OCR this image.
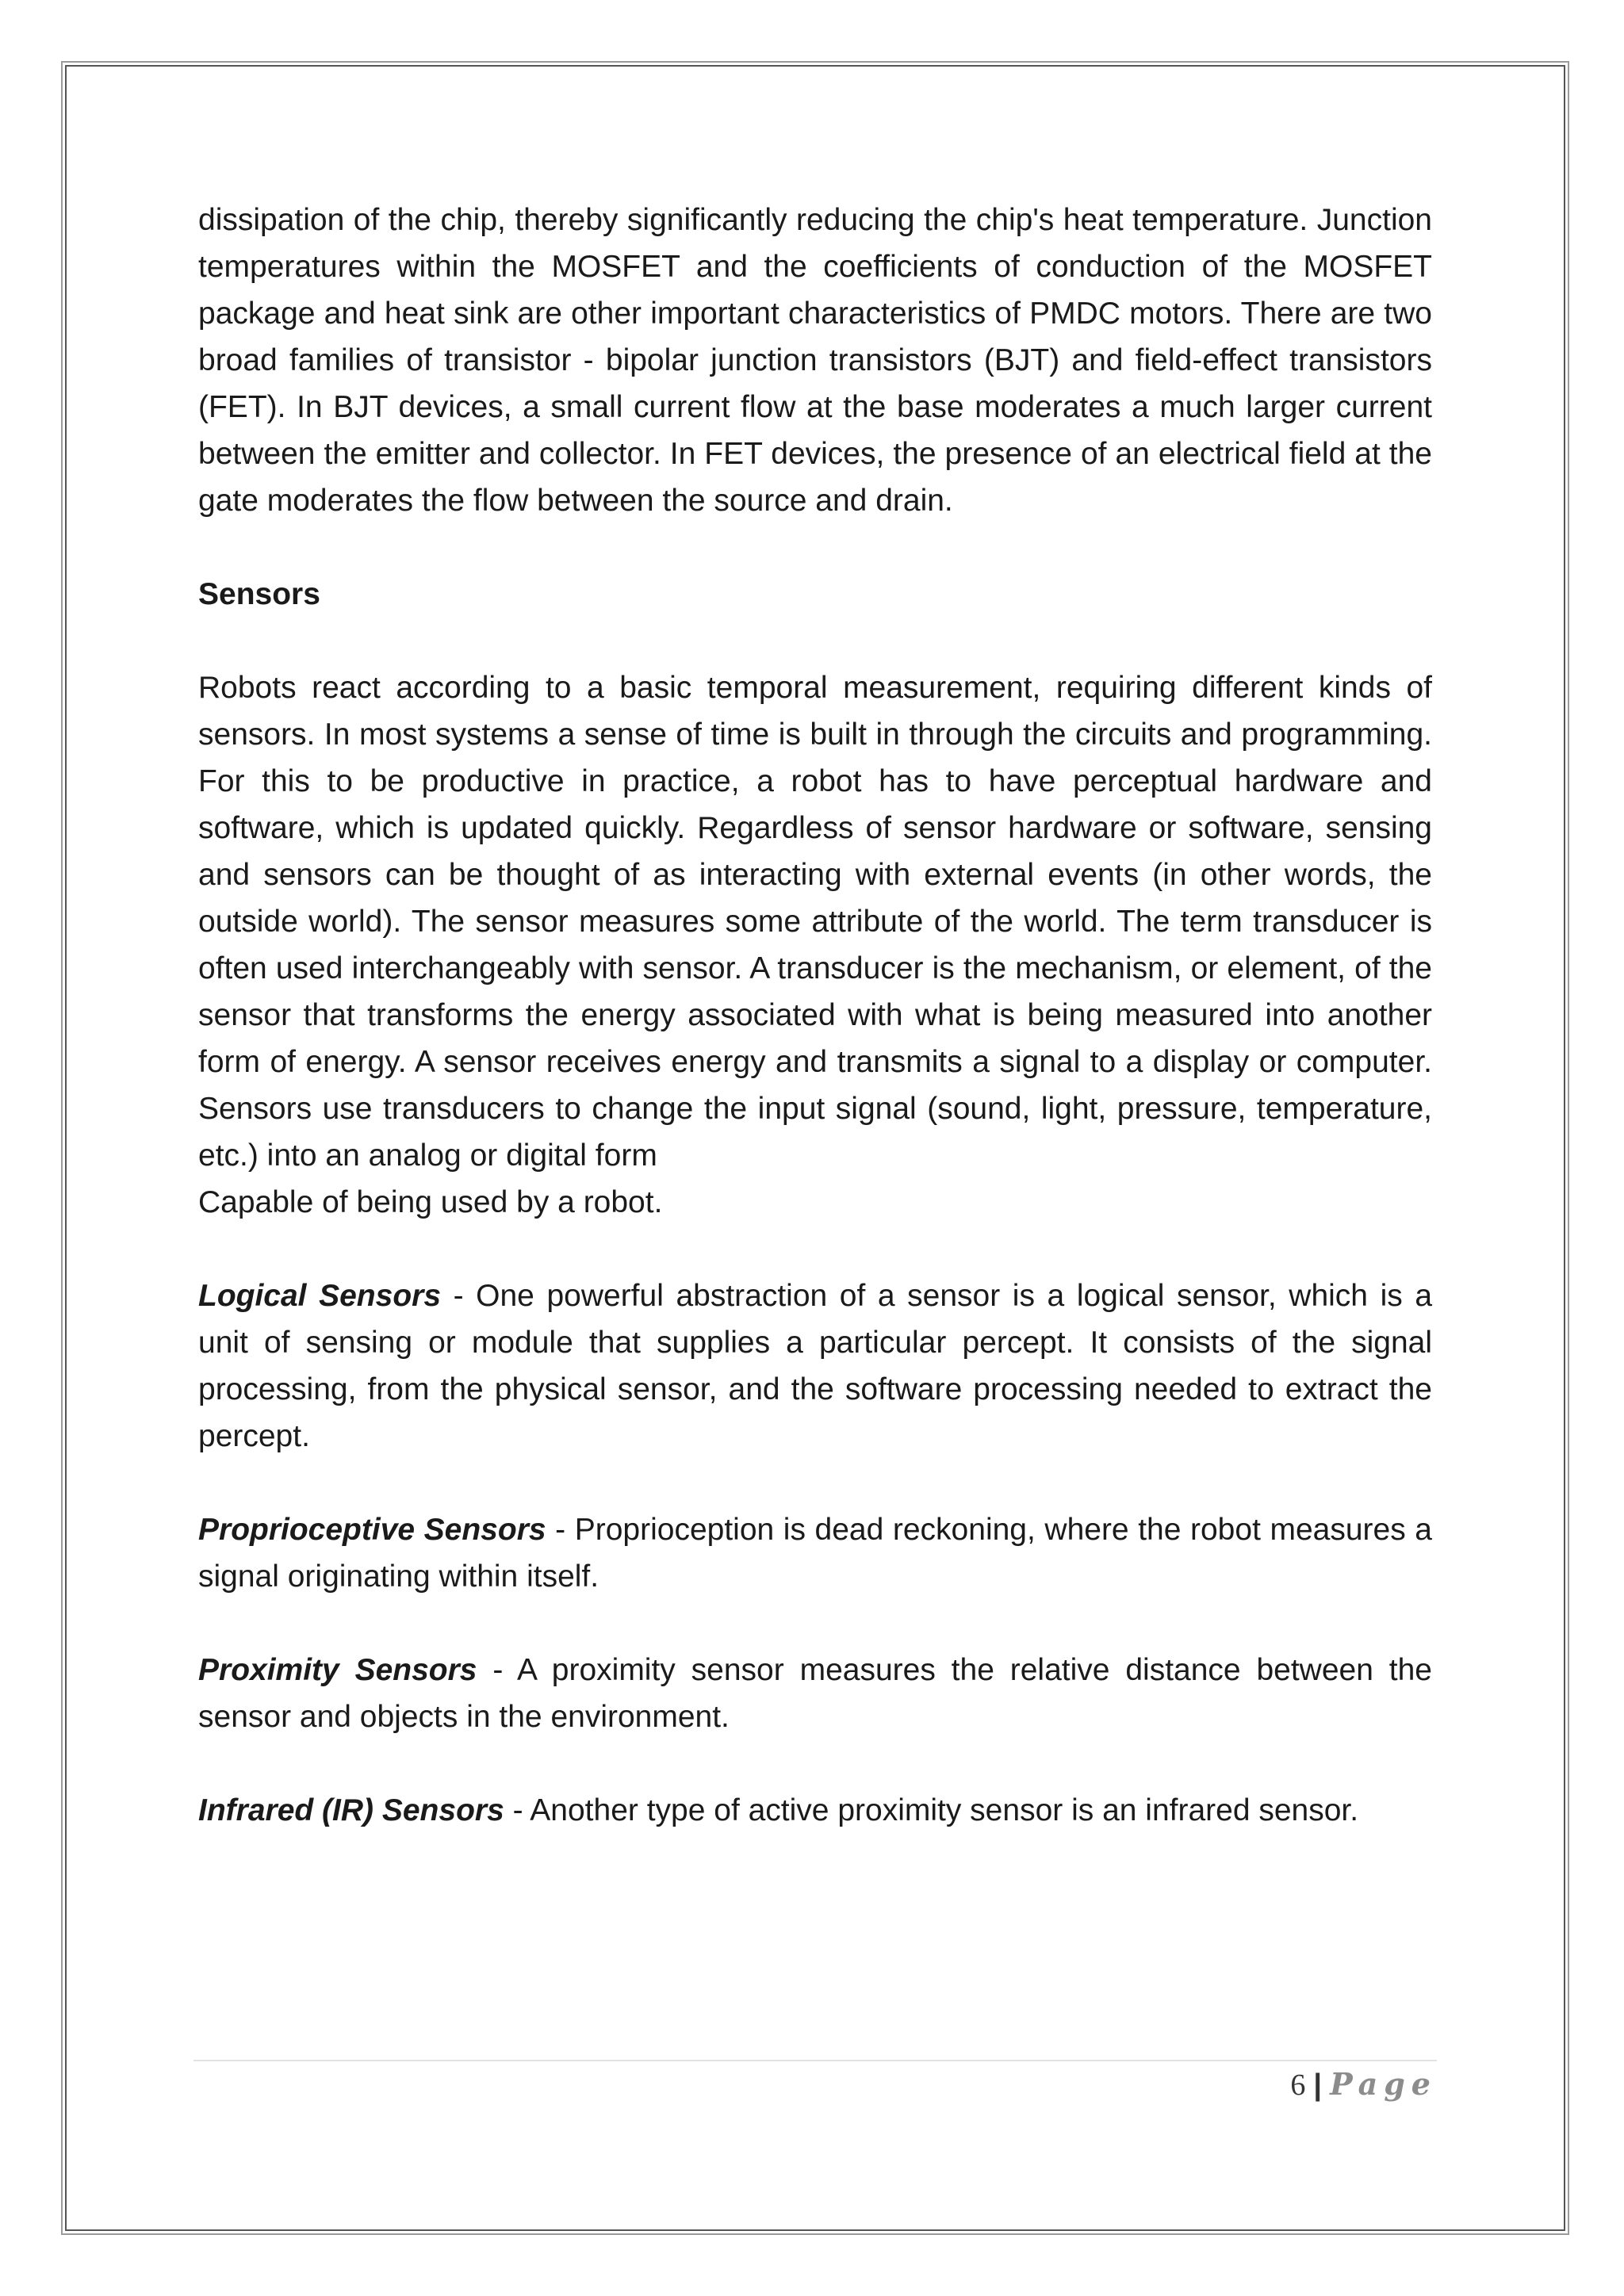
dissipation of the chip, thereby significantly reducing the chip's heat temperature. Junction temperatures within the MOSFET and the coefficients of conduction of the MOSFET package and heat sink are other important characteristics of PMDC motors. There are two broad families of transistor - bipolar junction transistors (BJT) and field-effect transistors (FET). In BJT devices, a small current flow at the base moderates a much larger current between the emitter and collector. In FET devices, the presence of an electrical field at the gate moderates the flow between the source and drain.

Sensors

Robots react according to a basic temporal measurement, requiring different kinds of sensors. In most systems a sense of time is built in through the circuits and programming. For this to be productive in practice, a robot has to have perceptual hardware and software, which is updated quickly. Regardless of sensor hardware or software, sensing and sensors can be thought of as interacting with external events (in other words, the outside world). The sensor measures some attribute of the world. The term transducer is often used interchangeably with sensor. A transducer is the mechanism, or element, of the sensor that transforms the energy associated with what is being measured into another form of energy. A sensor receives energy and transmits a signal to a display or computer. Sensors use transducers to change the input signal (sound, light, pressure, temperature, etc.) into an analog or digital form

Capable of being used by a robot.

Logical Sensors - One powerful abstraction of a sensor is a logical sensor, which is a unit of sensing or module that supplies a particular percept. It consists of the signal processing, from the physical sensor, and the software processing needed to extract the percept.

Proprioceptive Sensors - Proprioception is dead reckoning, where the robot measures a signal originating within itself.

Proximity Sensors - A proximity sensor measures the relative distance between the sensor and objects in the environment.

Infrared (IR) Sensors - Another type of active proximity sensor is an infrared sensor.

6 | Page
